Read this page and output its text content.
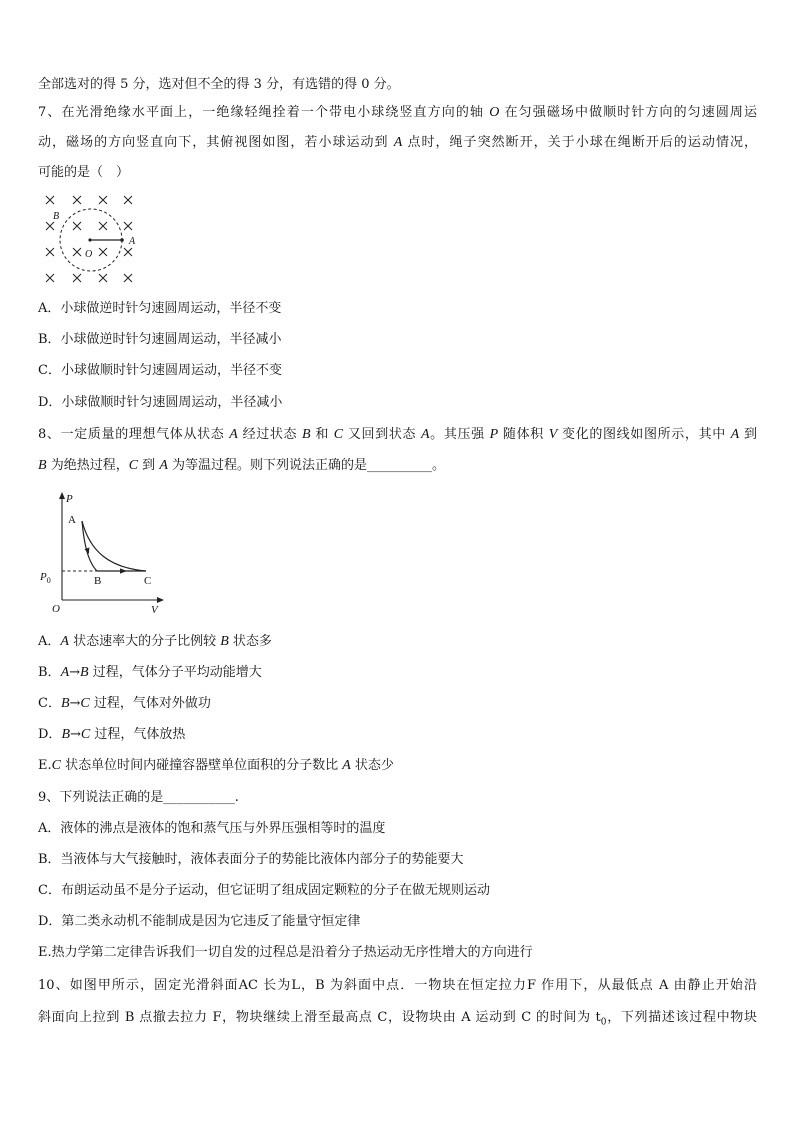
全部选对的得 5 分，选对但不全的得 3 分，有选错的得 0 分。
7、在光滑绝缘水平面上，一绝缘轻绳拴着一个带电小球绕竖直方向的轴 O 在匀强磁场中做顺时针方向的匀速圆周运
动，磁场的方向竖直向下，其俯视图如图，若小球运动到 A 点时，绳子突然断开，关于小球在绳断开后的运动情况，
可能的是（　）
B
O
A
A．小球做逆时针匀速圆周运动，半径不变
B．小球做逆时针匀速圆周运动，半径减小
C．小球做顺时针匀速圆周运动，半径不变
D．小球做顺时针匀速圆周运动，半径减小
8、一定质量的理想气体从状态 A 经过状态 B 和 C 又回到状态 A。其压强 P 随体积 V 变化的图线如图所示，其中 A 到
B 为绝热过程，C 到 A 为等温过程。则下列说法正确的是__________。
P
V
O
$P_0$
A
B	C
A．A 状态速率大的分子比例较 B 状态多
B．A→B 过程，气体分子平均动能增大
C．B→C 过程，气体对外做功
D．B→C 过程，气体放热
E.C 状态单位时间内碰撞容器壁单位面积的分子数比 A 状态少
9、下列说法正确的是___________.
A．液体的沸点是液体的饱和蒸气压与外界压强相等时的温度
B．当液体与大气接触时，液体表面分子的势能比液体内部分子的势能要大
C．布朗运动虽不是分子运动，但它证明了组成固定颗粒的分子在做无规则运动
D．第二类永动机不能制成是因为它违反了能量守恒定律
E.热力学第二定律告诉我们一切自发的过程总是沿着分子热运动无序性增大的方向进行
10、如图甲所示，固定光滑斜面AC 长为L，B 为斜面中点．一物块在恒定拉力F 作用下，从最低点 A 由静止开始沿
斜面向上拉到 B 点撤去拉力 F，物块继续上滑至最高点 C，设物块由 A 运动到 C 的时间为 $t_0$，下列描述该过程中物块
